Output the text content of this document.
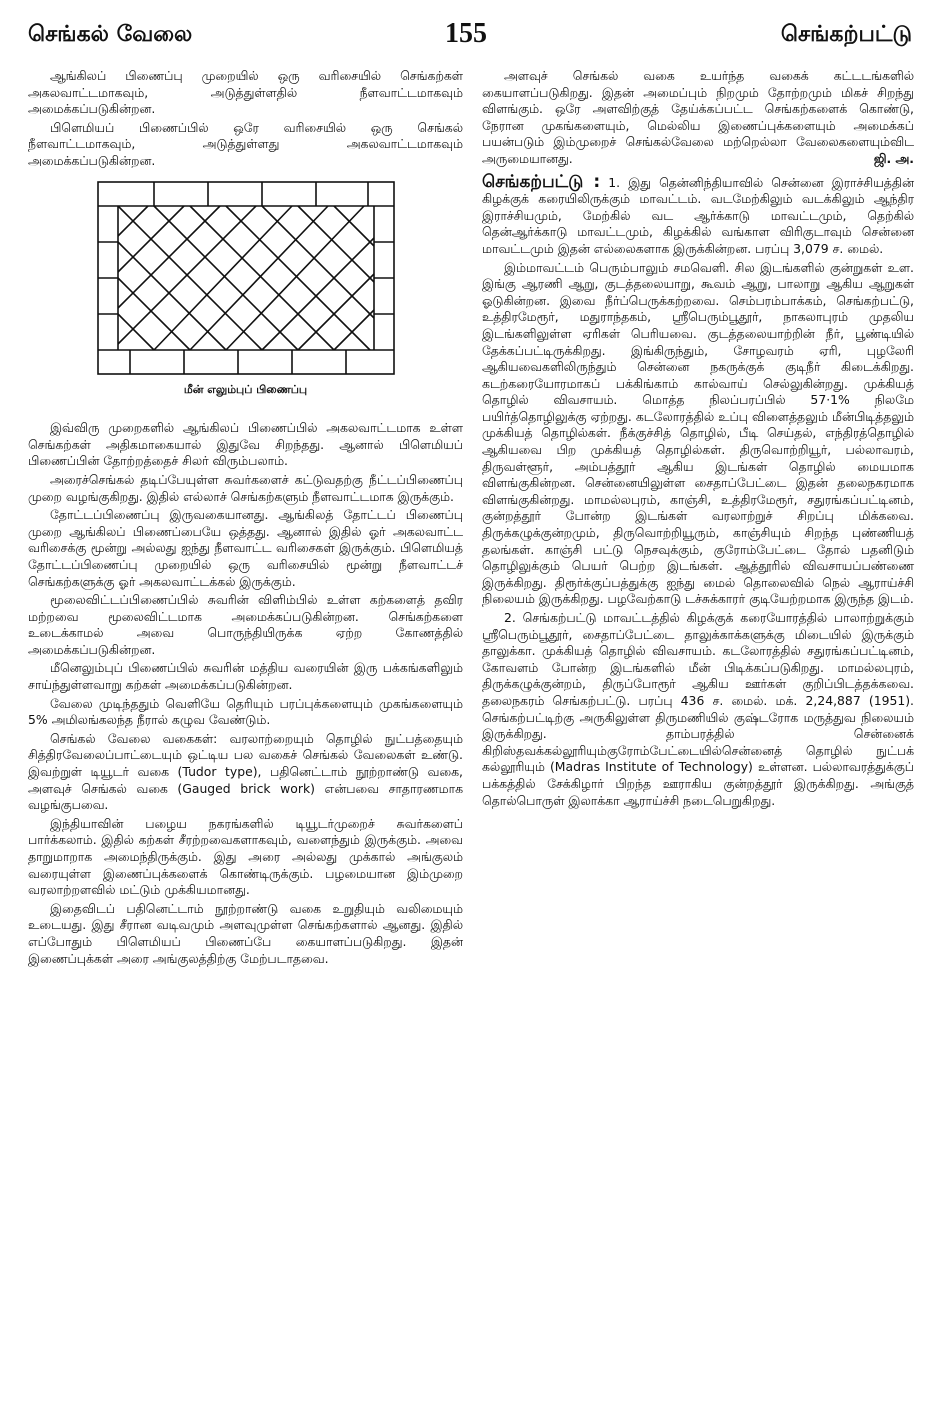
செங்கல் வேலை	155	செங்கற்பட்டு

ஆங்கிலப் பிணைப்பு முறையில் ஒரு வரிசையில் செங்கற்கள் அகலவாட்டமாகவும், அடுத்துள்ளதில் நீளவாட்டமாகவும் அமைக்கப்படுகின்றன.

பிளெமியப் பிணைப்பில் ஒரே வரிசையில் ஒரு செங்கல் நீளவாட்டமாகவும், அடுத்துள்ளது அகலவாட்டமாகவும் அமைக்கப்படுகின்றன.

மீன் எலும்புப் பிணைப்பு

இவ்விரு முறைகளில் ஆங்கிலப் பிணைப்பில் அகலவாட்டமாக உள்ள செங்கற்கள் அதிகமாகையால் இதுவே சிறந்தது. ஆனால் பிளெமியப் பிணைப்பின் தோற்றத்தைச் சிலர் விரும்பலாம்.

அரைச்செங்கல் தடிப்பேயுள்ள சுவர்களைச் கட்டுவதற்கு நீட்டப்பிணைப்பு முறை வழங்குகிறது. இதில் எல்லாச் செங்கற்களும் நீளவாட்டமாக இருக்கும்.

தோட்டப்பிணைப்பு இருவகையானது. ஆங்கிலத் தோட்டப் பிணைப்பு முறை ஆங்கிலப் பிணைப்பையே ஒத்தது. ஆனால் இதில் ஓர் அகலவாட்ட வரிசைக்கு மூன்று அல்லது ஐந்து நீளவாட்ட வரிசைகள் இருக்கும். பிளெமியத் தோட்டப்பிணைப்பு முறையில் ஒரு வரிசையில் மூன்று நீளவாட்டச் செங்கற்களுக்கு ஓர் அகலவாட்டக்கல் இருக்கும்.

மூலைவிட்டப்பிணைப்பில் சுவரின் விளிம்பில் உள்ள கற்களைத் தவிர மற்றவை மூலைவிட்டமாக அமைக்கப்படுகின்றன. செங்கற்களை உடைக்காமல் அவை பொருந்தியிருக்க ஏற்ற கோணத்தில் அமைக்கப்படுகின்றன.

மீனெலும்புப் பிணைப்பில் சுவரின் மத்திய வரையின் இரு பக்கங்களிலும் சாய்ந்துள்ளவாறு கற்கள் அமைக்கப்படுகின்றன.

வேலை முடிந்ததும் வெளியே தெரியும் பரப்புக்களையும் முகங்களையும் 5% அமிலங்கலந்த நீரால் கழுவ வேண்டும்.

செங்கல் வேலை வகைகள்: வரலாற்றையும் தொழில் நுட்பத்தையும் சித்திரவேலைப்பாட்டையும் ஒட்டிய பல வகைச் செங்கல் வேலைகள் உண்டு. இவற்றுள் டியூடர் வகை (Tudor type), பதினெட்டாம் நூற்றாண்டு வகை, அளவுச் செங்கல் வகை (Gauged brick work) என்பவை சாதாரணமாக வழங்குபவை.

இந்தியாவின் பழைய நகரங்களில் டியூடர்முறைச் சுவர்களைப் பார்க்கலாம். இதில் கற்கள் சீரற்றவைகளாகவும், வளைந்தும் இருக்கும். அவை தாறுமாறாக அமைந்திருக்கும். இது அரை அல்லது முக்கால் அங்குலம் வரையுள்ள இணைப்புக்களைக் கொண்டிருக்கும். பழமையான இம்முறை வரலாற்றளவில் மட்டும் முக்கியமானது.

இதைவிடப் பதினெட்டாம் நூற்றாண்டு வகை உறுதியும் வலிமையும் உடையது. இது சீரான வடிவமும் அளவுமுள்ள செங்கற்களால் ஆனது. இதில் எப்போதும் பிளெமியப் பிணைப்பே கையாளப்படுகிறது. இதன் இணைப்புக்கள் அரை அங்குலத்திற்கு மேற்படாதவை.

அளவுச் செங்கல் வகை உயர்ந்த வகைக் கட்டடங்களில் கையாளப்படுகிறது. இதன் அமைப்பும் நிறமும் தோற்றமும் மிகச் சிறந்து விளங்கும். ஒரே அளவிற்குத் தேய்க்கப்பட்ட செங்கற்களைக் கொண்டு, நேரான முகங்களையும், மெல்லிய இணைப்புக்களையும் அமைக்கப் பயன்படும் இம்முறைச் செங்கல்வேலை மற்றெல்லா வேலைகளையும்விட அருமையானது.	ஜி. அ.

செங்கற்பட்டு : 1. இது தென்னிந்தியாவில் சென்னை இராச்சியத்தின் கிழக்குக் கரையிலிருக்கும் மாவட்டம். வடமேற்கிலும் வடக்கிலும் ஆந்திர இராச்சியமும், மேற்கில் வட ஆர்க்காடு மாவட்டமும், தெற்கில் தென்ஆர்க்காடு மாவட்டமும், கிழக்கில் வங்காள விரிகுடாவும் சென்னை மாவட்டமும் இதன் எல்லைகளாக இருக்கின்றன. பரப்பு 3,079 ச. மைல்.

இம்மாவட்டம் பெரும்பாலும் சமவெளி. சில இடங்களில் குன்றுகள் உள. இங்கு ஆரணி ஆறு, குடத்தலையாறு, கூவம் ஆறு, பாலாறு ஆகிய ஆறுகள் ஓடுகின்றன. இவை நீர்ப்பெருக்கற்றவை. செம்பரம்பாக்கம், செங்கற்பட்டு, உத்திரமேரூர், மதுராந்தகம், ஸ்ரீபெரும்பூதூர், நாகலாபுரம் முதலிய இடங்களிலுள்ள ஏரிகள் பெரியவை. குடத்தலையாற்றின் நீர், பூண்டியில் தேக்கப்பட்டிருக்கிறது. இங்கிருந்தும், சோழவரம் ஏரி, புழலேரி ஆகியவைகளிலிருந்தும் சென்னை நகருக்குக் குடிநீர் கிடைக்கிறது. கடற்கரையோரமாகப் பக்கிங்காம் கால்வாய் செல்லுகின்றது. முக்கியத் தொழில் விவசாயம். மொத்த நிலப்பரப்பில் 57·1% நிலமே பயிர்த்தொழிலுக்கு ஏற்றது. கடலோரத்தில் உப்பு விளைத்தலும் மீன்பிடித்தலும் முக்கியத் தொழில்கள். நீக்குச்சித் தொழில், பீடி செய்தல், எந்திரத்தொழில் ஆகியவை பிற முக்கியத் தொழில்கள். திருவொற்றியூர், பல்லாவரம், திருவள்ளூர், அம்பத்தூர் ஆகிய இடங்கள் தொழில் மையமாக விளங்குகின்றன. சென்னையிலுள்ள சைதாப்பேட்டை இதன் தலைநகரமாக விளங்குகின்றது. மாமல்லபுரம், காஞ்சி, உத்திரமேரூர், சதுரங்கப்பட்டினம், குன்றத்தூர் போன்ற இடங்கள் வரலாற்றுச் சிறப்பு மிக்கவை. திருக்கழுக்குன்றமும், திருவொற்றியூரும், காஞ்சியும் சிறந்த புண்ணியத் தலங்கள். காஞ்சி பட்டு நெசவுக்கும், குரோம்பேட்டை தோல் பதனிடும் தொழிலுக்கும் பெயர் பெற்ற இடங்கள். ஆத்தூரில் விவசாயப்பண்ணை இருக்கிறது. திரூர்க்குப்பத்துக்கு ஐந்து மைல் தொலைவில் நெல் ஆராய்ச்சி நிலையம் இருக்கிறது. பழவேற்காடு டச்சுக்காரர் குடியேற்றமாக இருந்த இடம்.

2. செங்கற்பட்டு மாவட்டத்தில் கிழக்குக் கரையோரத்தில் பாலாற்றுக்கும் ஸ்ரீபெரும்பூதூர், சைதாப்பேட்டை தாலுக்காக்களுக்கு மிடையில் இருக்கும் தாலுக்கா. முக்கியத் தொழில் விவசாயம். கடலோரத்தில் சதுரங்கப்பட்டினம், கோவளம் போன்ற இடங்களில் மீன் பிடிக்கப்படுகிறது. மாமல்லபுரம், திருக்கழுக்குன்றம், திருப்போரூர் ஆகிய ஊர்கள் குறிப்பிடத்தக்கவை. தலைநகரம் செங்கற்பட்டு. பரப்பு 436 ச. மைல். மக். 2,24,887 (1951). செங்கற்பட்டிற்கு அருகிலுள்ள திருமணியில் குஷ்டரோக மருத்துவ நிலையம் இருக்கிறது. தாம்பரத்தில் சென்னைக் கிறிஸ்தவக்கல்லூரியும்குரோம்பேட்டையில்சென்னைத் தொழில் நுட்பக் கல்லூரியும் (Madras Institute of Technology) உள்ளன. பல்லாவரத்துக்குப் பக்கத்தில் சேக்கிழார் பிறந்த ஊராகிய குன்றத்தூர் இருக்கிறது. அங்குத் தொல்பொருள் இலாக்கா ஆராய்ச்சி நடைபெறுகிறது.
